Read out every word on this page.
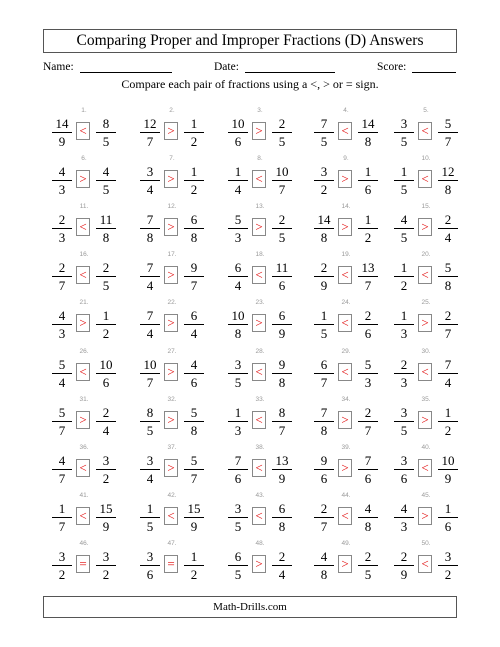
Comparing Proper and Improper Fractions (D) Answers
Name:	Date:	Score:
Compare each pair of fractions using a <, > or = sign.
1.
$\frac{14}{9} < \frac{8}{5}$
2.
$\frac{12}{7} > \frac{1}{2}$
3.
$\frac{10}{6} > \frac{2}{5}$
4.
$\frac{7}{5} < \frac{14}{8}$
5.
$\frac{3}{5} < \frac{5}{7}$
6.
$\frac{4}{3} > \frac{4}{5}$
7.
$\frac{3}{4} > \frac{1}{2}$
8.
$\frac{1}{4} < \frac{10}{7}$
9.
$\frac{3}{2} > \frac{1}{6}$
10.
$\frac{1}{5} < \frac{12}{8}$
11.
$\frac{2}{3} < \frac{11}{8}$
12.
$\frac{7}{8} > \frac{6}{8}$
13.
$\frac{5}{3} > \frac{2}{5}$
14.
$\frac{14}{8} > \frac{1}{2}$
15.
$\frac{4}{5} > \frac{2}{4}$
16.
$\frac{2}{7} < \frac{2}{5}$
17.
$\frac{7}{4} > \frac{9}{7}$
18.
$\frac{6}{4} < \frac{11}{6}$
19.
$\frac{2}{9} < \frac{13}{7}$
20.
$\frac{1}{2} < \frac{5}{8}$
21.
$\frac{4}{3} > \frac{1}{2}$
22.
$\frac{7}{4} > \frac{6}{4}$
23.
$\frac{10}{8} > \frac{6}{9}$
24.
$\frac{1}{5} < \frac{2}{6}$
25.
$\frac{1}{3} > \frac{2}{7}$
26.
$\frac{5}{4} < \frac{10}{6}$
27.
$\frac{10}{7} > \frac{4}{6}$
28.
$\frac{3}{5} < \frac{9}{8}$
29.
$\frac{6}{7} < \frac{5}{3}$
30.
$\frac{2}{3} < \frac{7}{4}$
31.
$\frac{5}{7} > \frac{2}{4}$
32.
$\frac{8}{5} > \frac{5}{8}$
33.
$\frac{1}{3} < \frac{8}{7}$
34.
$\frac{7}{8} > \frac{2}{7}$
35.
$\frac{3}{5} > \frac{1}{2}$
36.
$\frac{4}{7} < \frac{3}{2}$
37.
$\frac{3}{4} > \frac{5}{7}$
38.
$\frac{7}{6} < \frac{13}{9}$
39.
$\frac{9}{6} > \frac{7}{6}$
40.
$\frac{3}{6} < \frac{10}{9}$
41.
$\frac{1}{7} < \frac{15}{9}$
42.
$\frac{1}{5} < \frac{15}{9}$
43.
$\frac{3}{5} < \frac{6}{8}$
44.
$\frac{2}{7} < \frac{4}{8}$
45.
$\frac{4}{3} > \frac{1}{6}$
46.
$\frac{3}{2} = \frac{3}{2}$
47.
$\frac{3}{6} = \frac{1}{2}$
48.
$\frac{6}{5} > \frac{2}{4}$
49.
$\frac{4}{8} > \frac{2}{5}$
50.
$\frac{2}{9} < \frac{3}{2}$
Math-Drills.com
